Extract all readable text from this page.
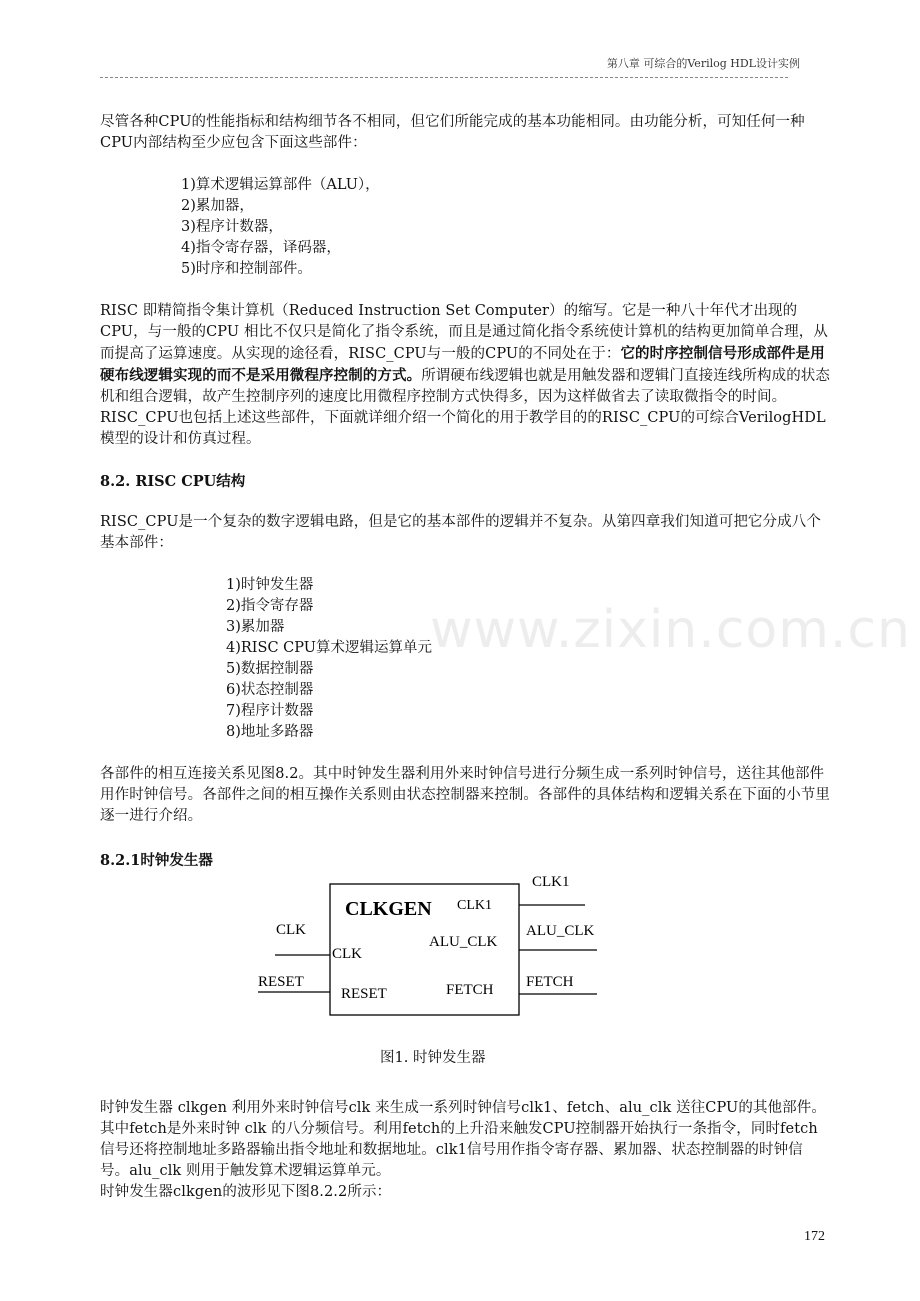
第八章 可综合的Verilog HDL设计实例
www.zixin.com.cn
尽管各种CPU的性能指标和结构细节各不相同，但它们所能完成的基本功能相同。由功能分析，可知任何一种CPU内部结构至少应包含下面这些部件：
1)算术逻辑运算部件（ALU），
2)累加器，
3)程序计数器，
4)指令寄存器，译码器，
5)时序和控制部件。
RISC 即精简指令集计算机（Reduced Instruction Set Computer）的缩写。它是一种八十年代才出现的CPU，与一般的CPU 相比不仅只是简化了指令系统，而且是通过简化指令系统使计算机的结构更加简单合理，从而提高了运算速度。从实现的途径看，RISC_CPU与一般的CPU的不同处在于：它的时序控制信号形成部件是用硬布线逻辑实现的而不是采用微程序控制的方式。所谓硬布线逻辑也就是用触发器和逻辑门直接连线所构成的状态机和组合逻辑，故产生控制序列的速度比用微程序控制方式快得多，因为这样做省去了读取微指令的时间。RISC_CPU也包括上述这些部件，下面就详细介绍一个简化的用于教学目的的RISC_CPU的可综合VerilogHDL模型的设计和仿真过程。
8.2. RISC CPU结构
RISC_CPU是一个复杂的数字逻辑电路，但是它的基本部件的逻辑并不复杂。从第四章我们知道可把它分成八个基本部件：
1)时钟发生器
2)指令寄存器
3)累加器
4)RISC CPU算术逻辑运算单元
5)数据控制器
6)状态控制器
7)程序计数器
8)地址多路器
各部件的相互连接关系见图8.2。其中时钟发生器利用外来时钟信号进行分频生成一系列时钟信号，送往其他部件用作时钟信号。各部件之间的相互操作关系则由状态控制器来控制。各部件的具体结构和逻辑关系在下面的小节里逐一进行介绍。
8.2.1时钟发生器
CLKGEN
CLK
CLK
RESET
RESET
CLK1
CLK1
ALU_CLK
ALU_CLK
FETCH FETCH
图1. 时钟发生器
时钟发生器 clkgen 利用外来时钟信号clk 来生成一系列时钟信号clk1、fetch、alu_clk 送往CPU的其他部件。其中fetch是外来时钟 clk 的八分频信号。利用fetch的上升沿来触发CPU控制器开始执行一条指令，同时fetch信号还将控制地址多路器输出指令地址和数据地址。clk1信号用作指令寄存器、累加器、状态控制器的时钟信号。alu_clk 则用于触发算术逻辑运算单元。
时钟发生器clkgen的波形见下图8.2.2所示：
172
